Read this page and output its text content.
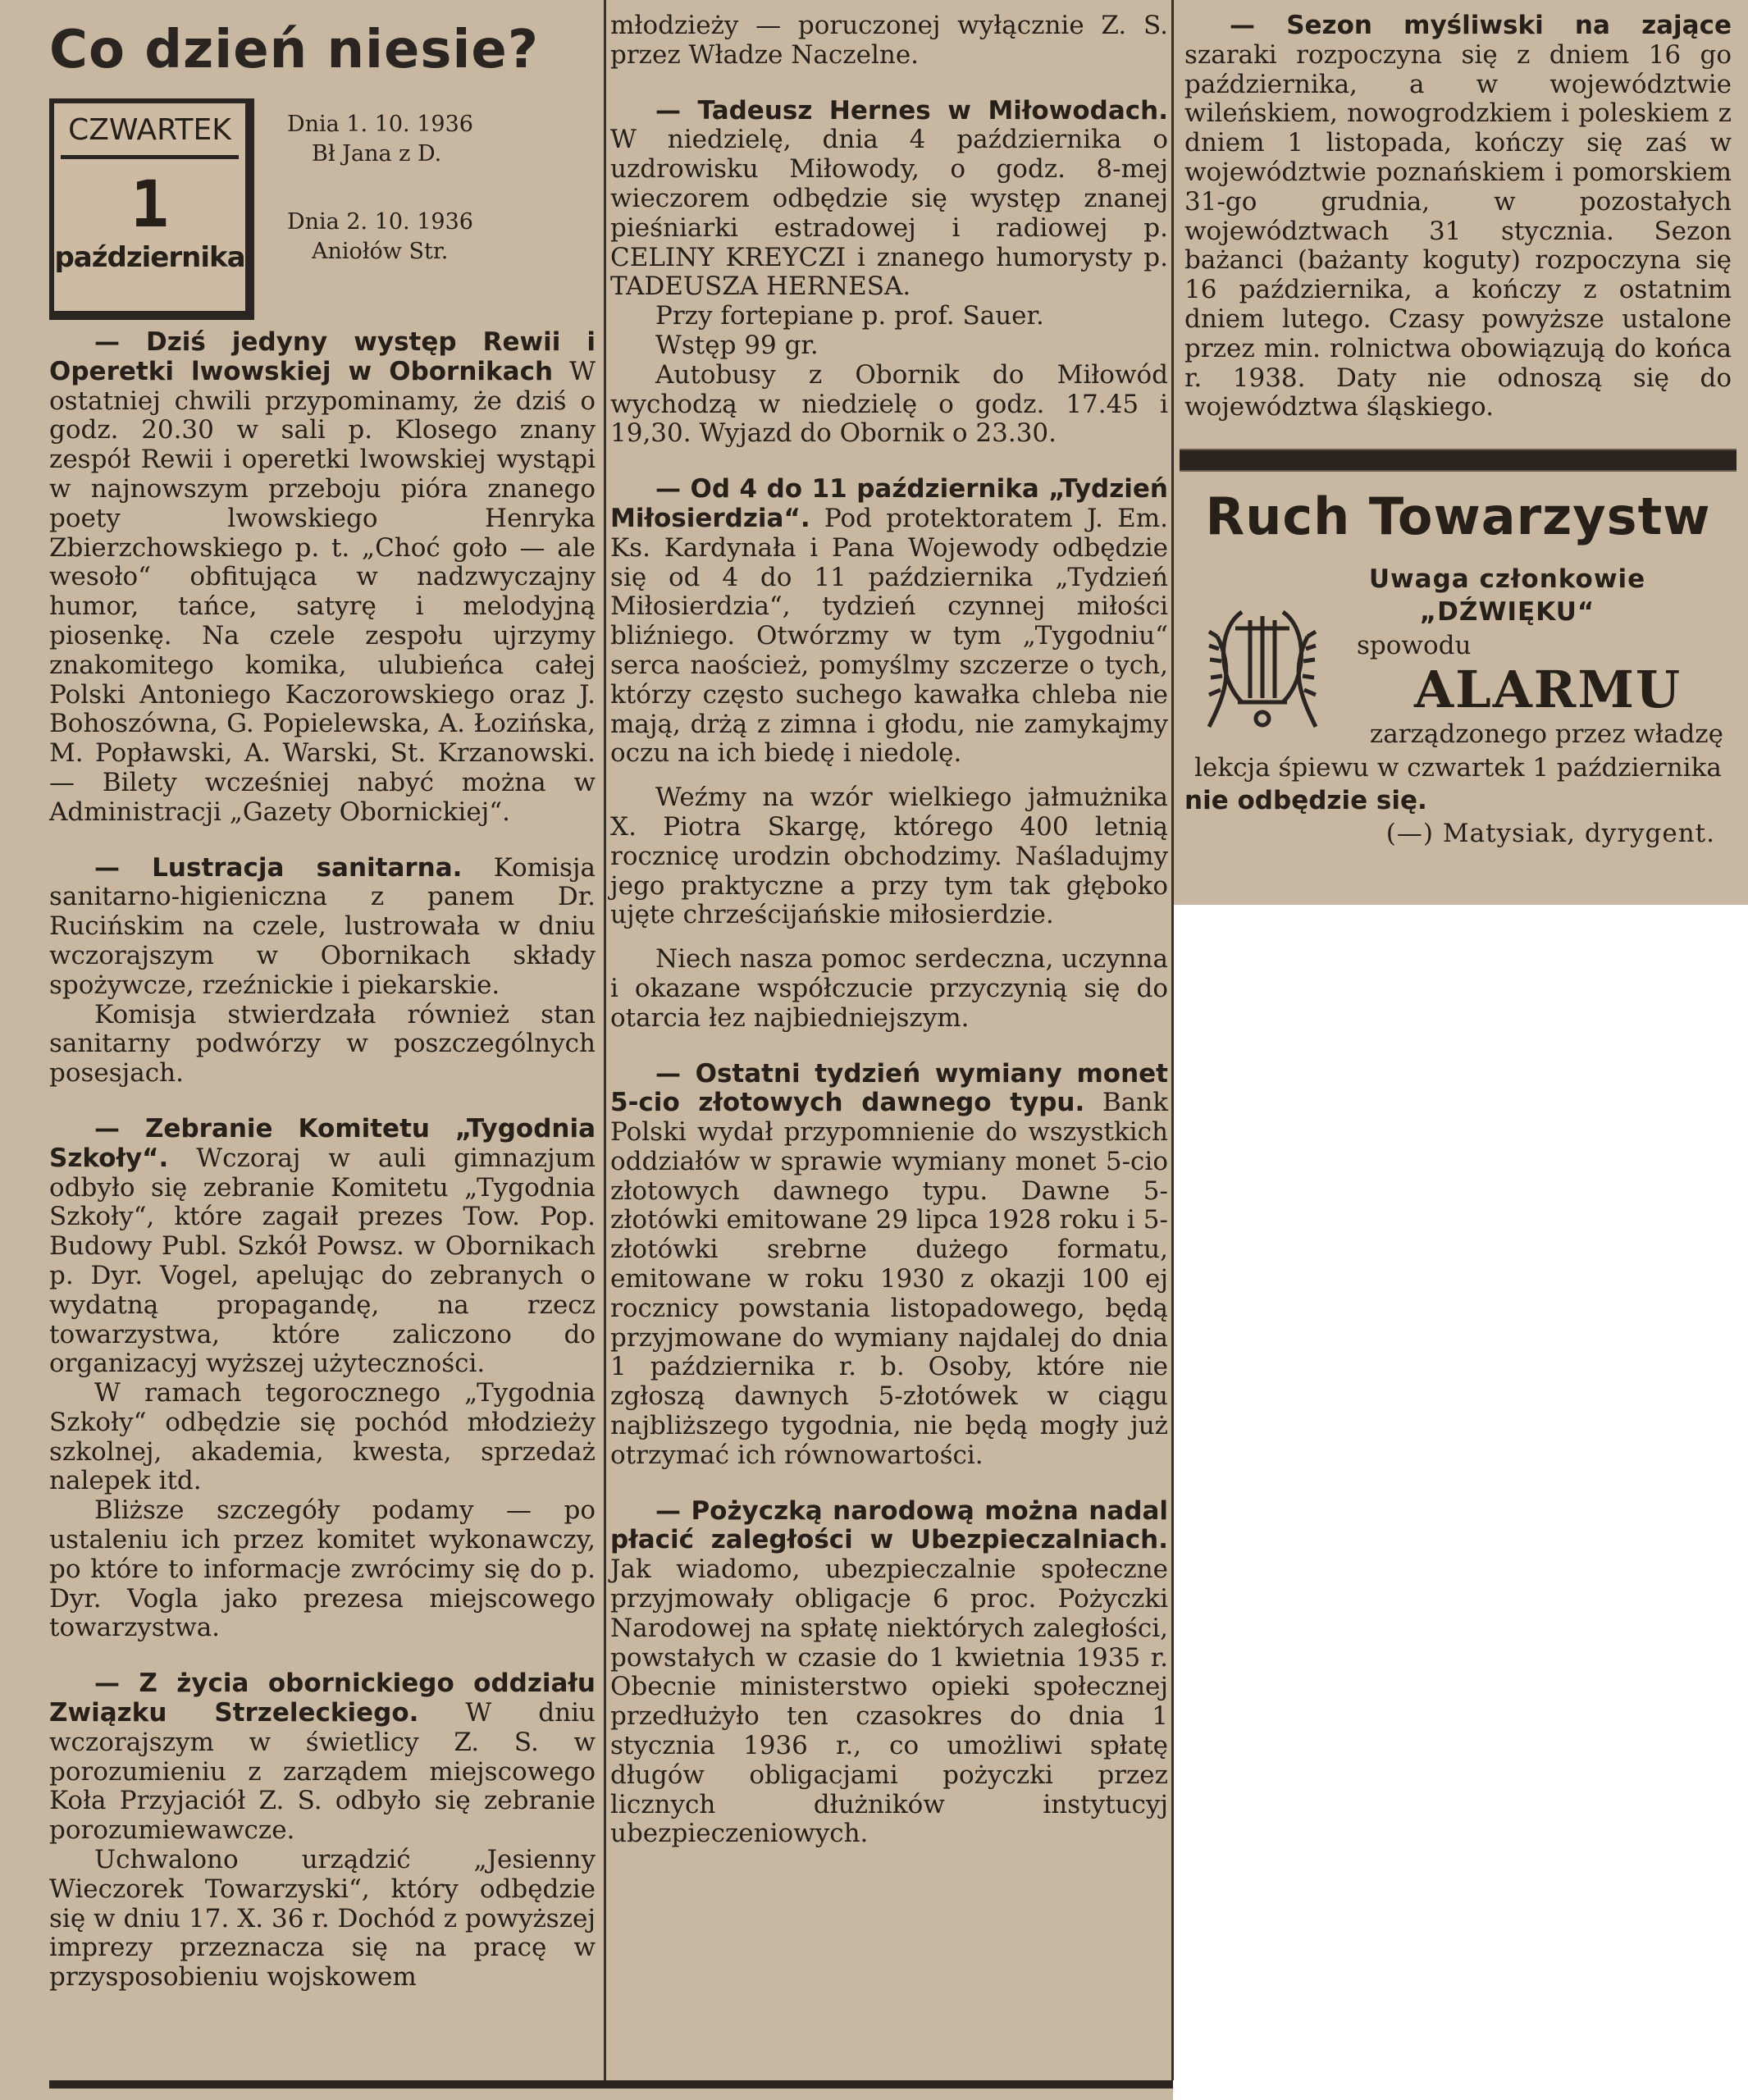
Co dzień niesie?
CZWARTEK
1
października
Dnia 1. 10. 1936
Bł Jana z D.
Dnia 2. 10. 1936
Aniołów Str.

— Dziś jedyny występ Rewii i Operetki lwowskiej w Obornikach W ostatniej chwili przypominamy, że dziś o godz. 20.30 w sali p. Klosego znany zespół Rewii i operetki lwowskiej wystąpi w najnowszym przeboju pióra znanego poety lwowskiego Henryka Zbierzchowskiego p. t. „Choć goło — ale wesoło“ obfitująca w nadzwyczajny humor, tańce, satyrę i melodyjną piosenkę. Na czele zespołu ujrzymy znakomitego komika, ulubieńca całej Polski Antoniego Kaczorowskiego oraz J. Bohoszówna, G. Popielewska, A. Łozińska, M. Popławski, A. Warski, St. Krzanowski. — Bilety wcześniej nabyć można w Administracji „Gazety Obornickiej“.

— Lustracja sanitarna. Komisja sanitarno-higieniczna z panem Dr. Rucińskim na czele, lustrowała w dniu wczorajszym w Obornikach składy spożywcze, rzeźnickie i piekarskie.

Komisja stwierdzała również stan sanitarny podwórzy w poszczególnych posesjach.

— Zebranie Komitetu „Tygodnia Szkoły“. Wczoraj w auli gimnazjum odbyło się zebranie Komitetu „Tygodnia Szkoły“, które zagaił prezes Tow. Pop. Budowy Publ. Szkół Powsz. w Obornikach p. Dyr. Vogel, apelując do zebranych o wydatną propagandę, na rzecz towarzystwa, które zaliczono do organizacyj wyższej użyteczności.

W ramach tegorocznego „Tygodnia Szkoły“ odbędzie się pochód młodzieży szkolnej, akademia, kwesta, sprzedaż nalepek itd.

Bliższe szczegóły podamy — po ustaleniu ich przez komitet wykonawczy, po które to informacje zwrócimy się do p. Dyr. Vogla jako prezesa miejscowego towarzystwa.

— Z życia obornickiego oddziału Związku Strzeleckiego. W dniu wczorajszym w świetlicy Z. S. w porozumieniu z zarządem miejscowego Koła Przyjaciół Z. S. odbyło się zebranie porozumiewawcze.

Uchwalono urządzić „Jesienny Wieczorek Towarzyski“, który odbędzie się w dniu 17. X. 36 r. Dochód z powyższej imprezy przeznacza się na pracę w przysposobieniu wojskowem

młodzieży — poruczonej wyłącznie Z. S. przez Władze Naczelne.

— Tadeusz Hernes w Miłowodach. W niedzielę, dnia 4 października o uzdrowisku Miłowody, o godz. 8-mej wieczorem odbędzie się występ znanej pieśniarki estradowej i radiowej p. CELINY KREYCZI i znanego humorysty p. TADEUSZA HERNESA.

Przy fortepiane p. prof. Sauer.

Wstęp 99 gr.

Autobusy z Obornik do Miłowód wychodzą w niedzielę o godz. 17.45 i 19,30. Wyjazd do Obornik o 23.30.

— Od 4 do 11 października „Tydzień Miłosierdzia“. Pod protektoratem J. Em. Ks. Kardynała i Pana Wojewody odbędzie się od 4 do 11 października „Tydzień Miłosierdzia“, tydzień czynnej miłości bliźniego. Otwórzmy w tym „Tygodniu“ serca naoścież, pomyślmy szczerze o tych, którzy często suchego kawałka chleba nie mają, drżą z zimna i głodu, nie zamykajmy oczu na ich biedę i niedolę.

Weźmy na wzór wielkiego jałmużnika X. Piotra Skargę, którego 400 letnią rocznicę urodzin obchodzimy. Naśladujmy jego praktyczne a przy tym tak głęboko ujęte chrześcijańskie miłosierdzie.

Niech nasza pomoc serdeczna, uczynna i okazane współczucie przyczynią się do otarcia łez najbiedniejszym.

— Ostatni tydzień wymiany monet 5-cio złotowych dawnego typu. Bank Polski wydał przypomnienie do wszystkich oddziałów w sprawie wymiany monet 5-cio złotowych dawnego typu. Dawne 5-złotówki emitowane 29 lipca 1928 roku i 5-złotówki srebrne dużego formatu, emitowane w roku 1930 z okazji 100 ej rocznicy powstania listopadowego, będą przyjmowane do wymiany najdalej do dnia 1 października r. b. Osoby, które nie zgłoszą dawnych 5-złotówek w ciągu najbliższego tygodnia, nie będą mogły już otrzymać ich równowartości.

— Pożyczką narodową można nadal płacić zaległości w Ubezpieczalniach. Jak wiadomo, ubezpieczalnie społeczne przyjmowały obligacje 6 proc. Pożyczki Narodowej na spłatę niektórych zaległości, powstałych w czasie do 1 kwietnia 1935 r. Obecnie ministerstwo opieki społecznej przedłużyło ten czasokres do dnia 1 stycznia 1936 r., co umożliwi spłatę długów obligacjami pożyczki przez licznych dłużników instytucyj ubezpieczeniowych.

— Sezon myśliwski na zające szaraki rozpoczyna się z dniem 16 go października, a w województwie wileńskiem, nowogrodzkiem i poleskiem z dniem 1 listopada, kończy się zaś w województwie poznańskiem i pomorskiem 31-go grudnia, w pozostałych województwach 31 stycznia. Sezon bażanci (bażanty koguty) rozpoczyna się 16 października, a kończy z ostatnim dniem lutego. Czasy powyższe ustalone przez min. rolnictwa obowiązują do końca r. 1938. Daty nie odnoszą się do województwa śląskiego.

Ruch Towarzystw
Uwaga członkowie
„DŹWIĘKU“
spowodu
ALARMU
zarządzonego przez władzę
lekcja śpiewu w czwartek 1 października
nie odbędzie się.
(—) Matysiak, dyrygent.
